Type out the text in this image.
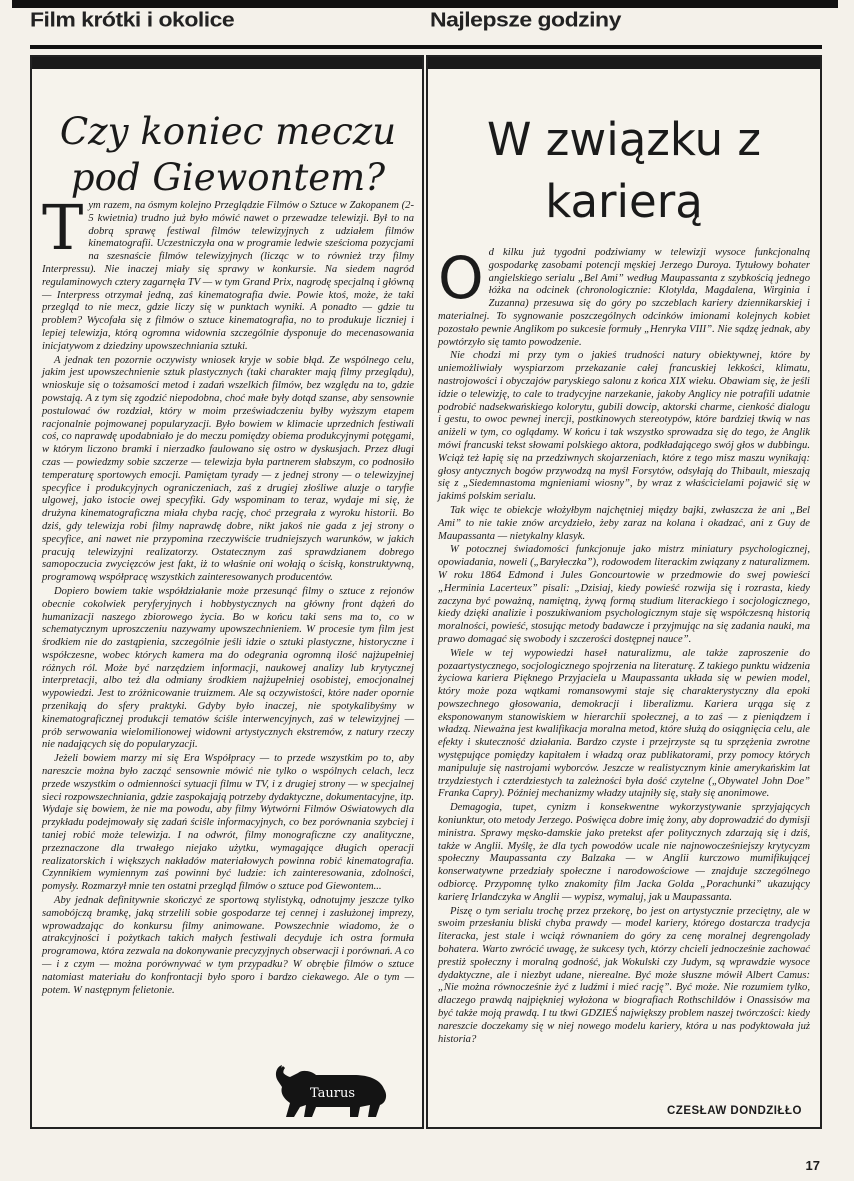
Film krótki i okolice	Najlepsze godziny
Czy koniec meczu pod Giewontem?

Tym razem, na ósmym kolejno Przeglądzie Filmów o Sztuce w Zakopanem (2-5 kwietnia) trudno już było mówić nawet o przewadze telewizji. Był to na dobrą sprawę festiwal filmów telewizyjnych z udziałem filmów kinematografii. Uczestniczyła ona w programie ledwie sześcioma pozycjami na szesnaście filmów telewizyjnych (licząc w to również trzy filmy Interpressu). Nie inaczej miały się sprawy w konkursie. Na siedem nagród regulaminowych cztery zagarnęła TV — w tym Grand Prix, nagrodę specjalną i główną — Interpress otrzymał jedną, zaś kinematografia dwie. Powie ktoś, może, że taki przegląd to nie mecz, gdzie liczy się w punktach wyniki. A ponadto — gdzie tu problem? Wycofała się z filmów o sztuce kinematografia, no to produkuje liczniej i lepiej telewizja, którą ogromna widownia szczególnie dysponuje do mecenasowania inicjatywom z dziedziny upowszechniania sztuki.

A jednak ten pozornie oczywisty wniosek kryje w sobie błąd. Ze wspólnego celu, jakim jest upowszechnienie sztuk plastycznych (taki charakter mają filmy przeglądu), wnioskuje się o tożsamości metod i zadań wszelkich filmów, bez względu na to, gdzie powstają. A z tym się zgodzić niepodobna, choć małe były dotąd szanse, aby sensownie postulować ów rozdział, który w moim przeświadczeniu byłby wyższym etapem racjonalnie pojmowanej popularyzacji. Było bowiem w klimacie uprzednich festiwali coś, co naprawdę upodabniało je do meczu pomiędzy obiema produkcyjnymi potęgami, w którym liczono bramki i nierzadko faulowano się ostro w dyskusjach. Przez długi czas — powiedzmy sobie szczerze — telewizja była partnerem słabszym, co podnosiło temperaturę sportowych emocji. Pamiętam tyrady — z jednej strony — o telewizyjnej specyfice i produkcyjnych ograniczeniach, zaś z drugiej złośliwe aluzje o taryfie ulgowej, jako istocie owej specyfiki. Gdy wspominam to teraz, wydaje mi się, że drużyna kinematograficzna miała chyba rację, choć przegrała z wyroku historii. Bo dziś, gdy telewizja robi filmy naprawdę dobre, nikt jakoś nie gada z jej strony o specyfice, ani nawet nie przypomina rzeczywiście trudniejszych warunków, w jakich pracują telewizyjni realizatorzy. Ostatecznym zaś sprawdzianem dobrego samopoczucia zwycięzców jest fakt, iż to właśnie oni wołają o ścisłą, konstruktywną, programową współpracę wszystkich zainteresowanych producentów.

Dopiero bowiem takie współdziałanie może przesunąć filmy o sztuce z rejonów obecnie cokolwiek peryferyjnych i hobbystycznych na główny front dążeń do humanizacji naszego zbiorowego życia. Bo w końcu taki sens ma to, co w schematycznym uproszczeniu nazywamy upowszechnieniem. W procesie tym film jest środkiem nie do zastąpienia, szczególnie jeśli idzie o sztuki plastyczne, historyczne i współczesne, wobec których kamera ma do odegrania ogromną ilość najżupełniej różnych ról. Może być narzędziem informacji, naukowej analizy lub krytycznej interpretacji, albo też dla odmiany środkiem najżupełniej osobistej, emocjonalnej wypowiedzi. Jest to zróżnicowanie truizmem. Ale są oczywistości, które nader opornie przenikają do sfery praktyki. Gdyby było inaczej, nie spotykalibyśmy w kinematograficznej produkcji tematów ściśle interwencyjnych, zaś w telewizyjnej — prób serwowania wielomilionowej widowni artystycznych ekstremów, z natury rzeczy nie nadających się do popularyzacji.

Jeżeli bowiem marzy mi się Era Współpracy — to przede wszystkim po to, aby nareszcie można było zacząć sensownie mówić nie tylko o wspólnych celach, lecz przede wszystkim o odmienności sytuacji filmu w TV, i z drugiej strony — w specjalnej sieci rozpowszechniania, gdzie zaspokajają potrzeby dydaktyczne, dokumentacyjne, itp. Wydaje się bowiem, że nie ma powodu, aby filmy Wytwórni Filmów Oświatowych dla przykładu podejmowały się zadań ściśle informacyjnych, co bez porównania szybciej i taniej robić może telewizja. I na odwrót, filmy monograficzne czy analityczne, przeznaczone dla trwałego niejako użytku, wymagające długich operacji realizatorskich i większych nakładów materiałowych powinna robić kinematografia. Czynnikiem wymiennym zaś powinni być ludzie: ich zainteresowania, zdolności, pomysły. Rozmarzył mnie ten ostatni przegląd filmów o sztuce pod Giewontem...

Aby jednak definitywnie skończyć ze sportową stylistyką, odnotujmy jeszcze tylko samobójczą bramkę, jaką strzelili sobie gospodarze tej cennej i zasłużonej imprezy, wprowadzając do konkursu filmy animowane. Powszechnie wiadomo, że o atrakcyjności i pożytkach takich małych festiwali decyduje ich ostra formuła programowa, która zezwala na dokonywanie precyzyjnych obserwacji i porównań. A co — i z czym — można porównywać w tym przypadku? W obrębie filmów o sztuce natomiast materiału do konfrontacji było sporo i bardzo ciekawego. Ale o tym — potem. W następnym felietonie.

Taurus
W związku z karierą

Od kilku już tygodni podziwiamy w telewizji wysoce funkcjonalną gospodarkę zasobami potencji męskiej Jerzego Duroya. Tytułowy bohater angielskiego serialu „Bel Ami” według Maupassanta z szybkością jednego łóżka na odcinek (chronologicznie: Klotylda, Magdalena, Wirginia i Zuzanna) przesuwa się do góry po szczeblach kariery dziennikarskiej i materialnej. To sygnowanie poszczególnych odcinków imionami kolejnych kobiet pozostało pewnie Anglikom po sukcesie formuły „Henryka VIII”. Nie sądzę jednak, aby powtórzyło się tamto powodzenie.

Nie chodzi mi przy tym o jakieś trudności natury obiektywnej, które by uniemożliwiały wyspiarzom przekazanie całej francuskiej lekkości, klimatu, nastrojowości i obyczajów paryskiego salonu z końca XIX wieku. Obawiam się, że jeśli idzie o telewizję, to cale to tradycyjne narzekanie, jakoby Anglicy nie potrafili udatnie podrobić nadsekwańskiego kolorytu, gubili dowcip, aktorski charme, cienkość dialogu i gestu, to owoc pewnej inercji, postkinowych stereotypów, które bardziej tkwią w nas aniżeli w tym, co oglądamy. W końcu i tak wszystko sprowadza się do tego, że Anglik mówi francuski tekst słowami polskiego aktora, podkładającego swój głos w dubbingu. Wciąż też łapię się na przedziwnych skojarzeniach, które z tego misz maszu wynikają: głosy antycznych bogów przywodzą na myśl Forsytów, odsyłają do Thibault, mieszają się z „Siedemnastoma mgnieniami wiosny”, by wraz z właścicielami pojawić się w jakimś polskim serialu.

Tak więc te obiekcje włożyłbym najchętniej między bajki, zwłaszcza że ani „Bel Ami” to nie takie znów arcydzieło, żeby zaraz na kolana i okadzać, ani z Guy de Maupassanta — nietykalny klasyk.

W potocznej świadomości funkcjonuje jako mistrz miniatury psychologicznej, opowiadania, noweli („Baryłeczka”), rodowodem literackim związany z naturalizmem. W roku 1864 Edmond i Jules Goncourtowie w przedmowie do swej powieści „Herminia Lacerteux” pisali: „Dzisiaj, kiedy powieść rozwija się i rozrasta, kiedy zaczyna być poważną, namiętną, żywą formą studium literackiego i socjologicznego, kiedy dzięki analizie i poszukiwaniom psychologicznym staje się współczesną historią moralności, powieść, stosując metody badawcze i przyjmując na się zadania nauki, ma prawo domagać się swobody i szczerości dostępnej nauce”.

Wiele w tej wypowiedzi haseł naturalizmu, ale także zaproszenie do pozaartystycznego, socjologicznego spojrzenia na literaturę. Z takiego punktu widzenia życiowa kariera Pięknego Przyjaciela u Maupassanta układa się w pewien model, który może poza wątkami romansowymi staje się charakterystyczny dla epoki powszechnego głosowania, demokracji i liberalizmu. Kariera urąga się z eksponowanym stanowiskiem w hierarchii społecznej, a to zaś — z pieniądzem i władzą. Nieważna jest kwalifikacja moralna metod, które służą do osiągnięcia celu, ale efekty i skuteczność działania. Bardzo czyste i przejrzyste są tu sprzężenia zwrotne występujące pomiędzy kapitałem i władzą oraz publikatorami, przy pomocy których manipuluje się nastrojami wyborców. Jeszcze w realistycznym kinie amerykańskim lat trzydziestych i czterdziestych ta zależności była dość czytelne („Obywatel John Doe” Franka Capry). Później mechanizmy władzy utajniły się, stały się anonimowe.

Demagogia, tupet, cynizm i konsekwentne wykorzystywanie sprzyjających koniunktur, oto metody Jerzego. Poświęca dobre imię żony, aby doprowadzić do dymisji ministra. Sprawy męsko-damskie jako pretekst afer politycznych zdarzają się i dziś, także w Anglii. Myślę, że dla tych powodów ucale nie najnowocześniejszy krytycyzm społeczny Maupassanta czy Balzaka — w Anglii kurczowo mumifikującej konserwatywne przedziały społeczne i narodowościowe — znajduje szczególnego odbiorcę. Przypomnę tylko znakomity film Jacka Golda „Porachunki” ukazujący karierę Irlandczyka w Anglii — wypisz, wymaluj, jak u Maupassanta.

Piszę o tym serialu trochę przez przekorę, bo jest on artystycznie przeciętny, ale w swoim przesłaniu bliski chyba prawdy — model kariery, którego dostarcza tradycja literacka, jest stale i wciąż równaniem do góry za cenę moralnej degrengolady bohatera. Warto zwrócić uwagę, że sukcesy tych, którzy chcieli jednocześnie zachować prestiż społeczny i moralną godność, jak Wokulski czy Judym, są wprawdzie wysoce dydaktyczne, ale i niezbyt udane, nierealne. Być może słuszne mówił Albert Camus: „Nie można równocześnie żyć z ludźmi i mieć rację”. Być może. Nie rozumiem tylko, dlaczego prawdą najpiękniej wyłożona w biografiach Rothschildów i Onassisów ma być także moją prawdą. I tu tkwi GDZIEŚ największy problem naszej twórczości: kiedy nareszcie doczekamy się w niej nowego modelu kariery, która u nas podyktowała już historia?

CZESŁAW DONDZIŁŁO
17
